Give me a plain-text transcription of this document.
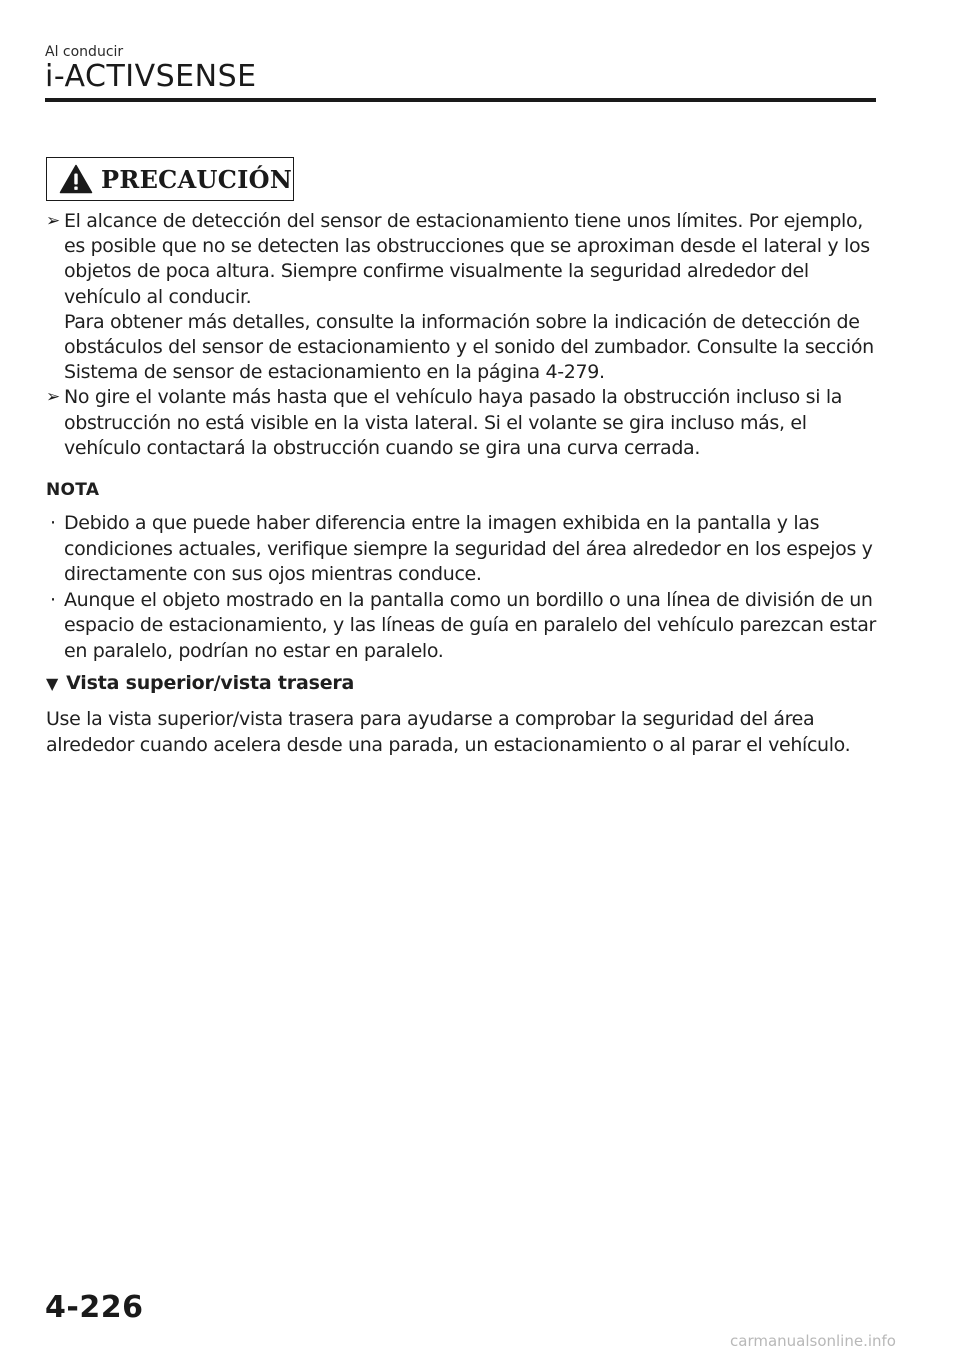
Al conducir
i-ACTIVSENSE
PRECAUCIÓN
➢ El alcance de detección del sensor de estacionamiento tiene unos límites. Por ejemplo, es posible que no se detecten las obstrucciones que se aproximan desde el lateral y los objetos de poca altura. Siempre confirme visualmente la seguridad alrededor del vehículo al conducir.

Para obtener más detalles, consulte la información sobre la indicación de detección de obstáculos del sensor de estacionamiento y el sonido del zumbador. Consulte la sección Sistema de sensor de estacionamiento en la página 4-279.

➢ No gire el volante más hasta que el vehículo haya pasado la obstrucción incluso si la obstrucción no está visible en la vista lateral. Si el volante se gira incluso más, el vehículo contactará la obstrucción cuando se gira una curva cerrada.

NOTA
· Debido a que puede haber diferencia entre la imagen exhibida en la pantalla y las condiciones actuales, verifique siempre la seguridad del área alrededor en los espejos y directamente con sus ojos mientras conduce.
· Aunque el objeto mostrado en la pantalla como un bordillo o una línea de división de un espacio de estacionamiento, y las líneas de guía en paralelo del vehículo parezcan estar en paralelo, podrían no estar en paralelo.
▼ Vista superior/vista trasera

Use la vista superior/vista trasera para ayudarse a comprobar la seguridad del área alrededor cuando acelera desde una parada, un estacionamiento o al parar el vehículo.

4-226
carmanualsonline.info
